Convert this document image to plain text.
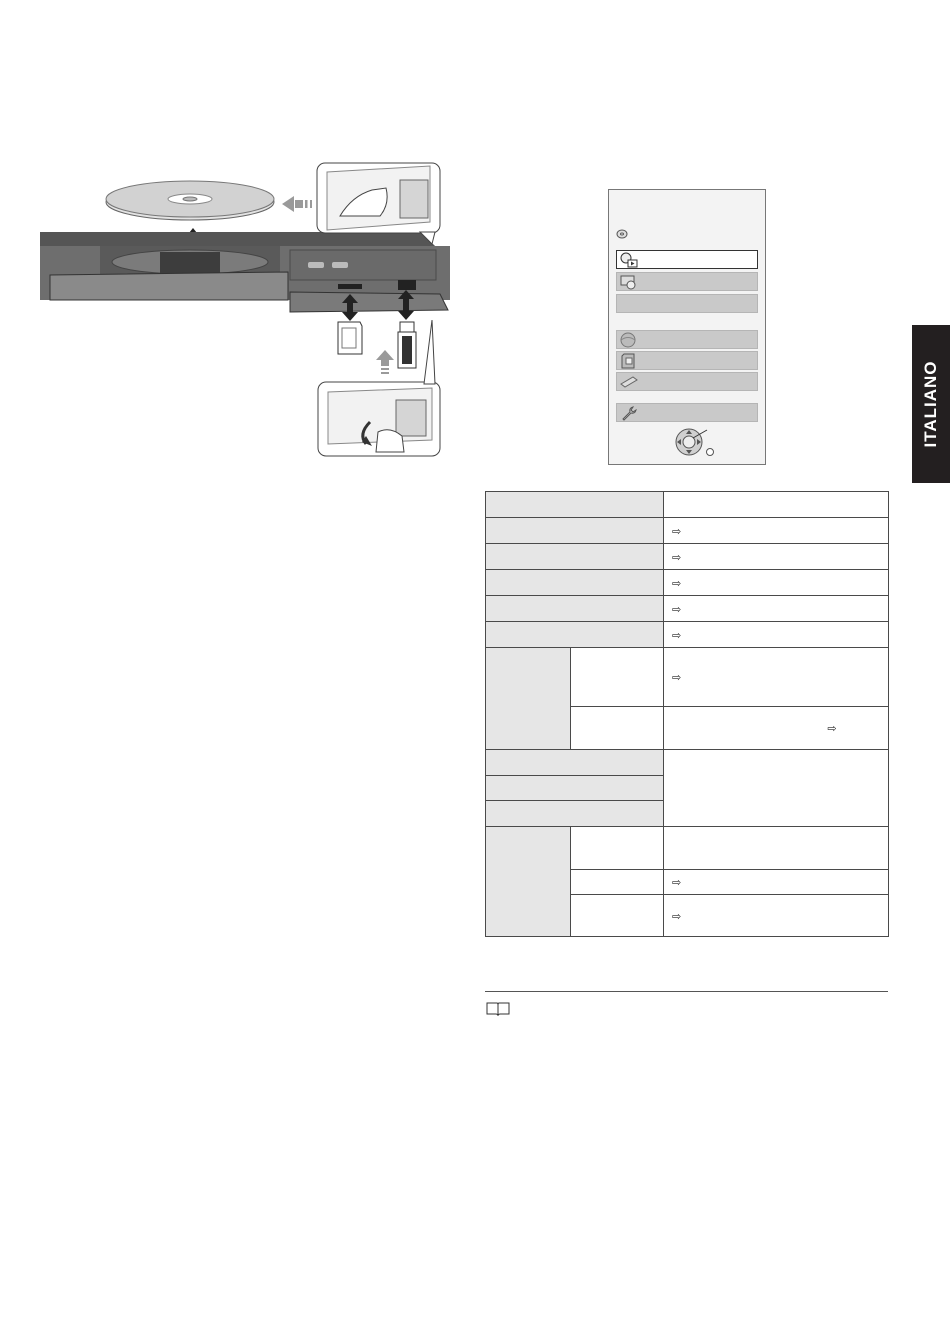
ITALIANO

		⇨
		⇨
		⇨
		⇨
		⇨
		⇨
		⇨

		⇨
		⇨
